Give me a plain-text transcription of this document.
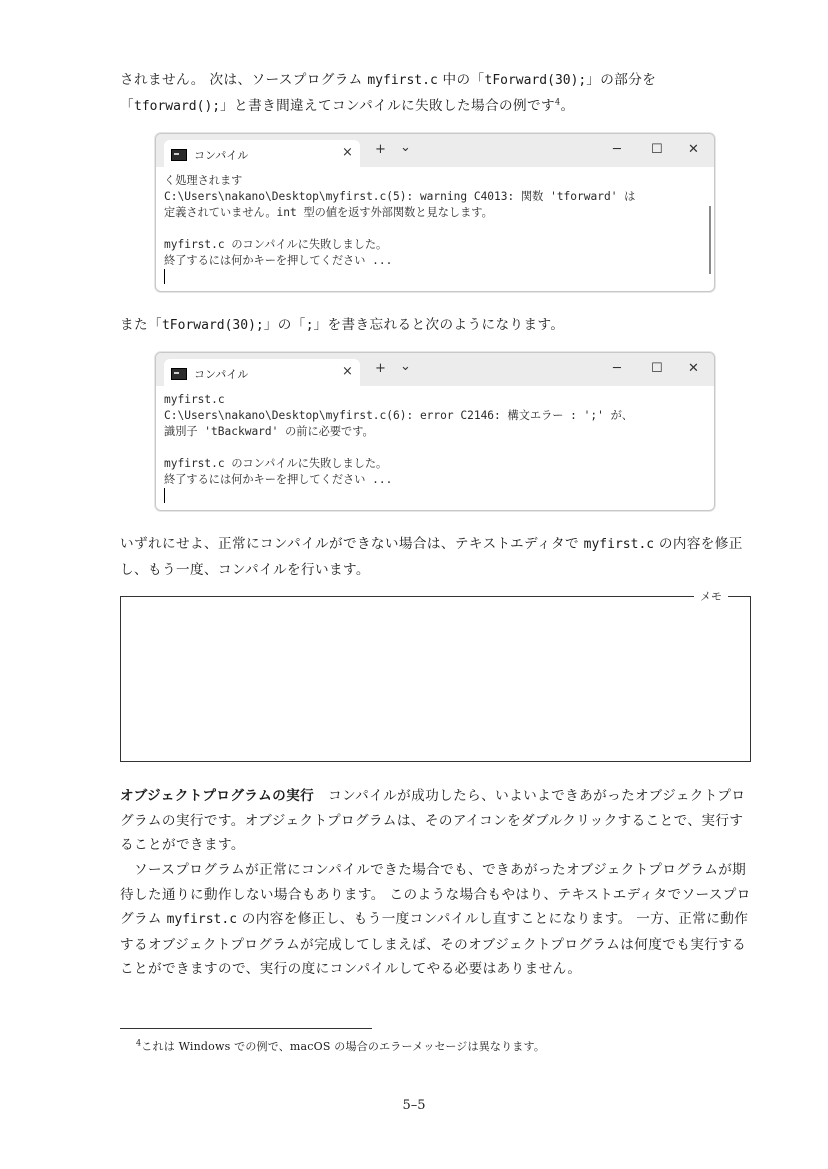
されません。 次は、ソースプログラム myfirst.c 中の「tForward(30);」の部分を「tforward();」と書き間違えてコンパイルに失敗した場合の例です$^4$。

コンパイル	× + ⌄	─ ☐ ✕
く処理されます
C:\Users\nakano\Desktop\myfirst.c(5): warning C4013: 関数 'tforward' は
定義されていません。int 型の値を返す外部関数と見なします。
myfirst.c のコンパイルに失敗しました。
終了するには何かキーを押してください ...

また「tForward(30);」の「;」を書き忘れると次のようになります。

コンパイル	× + ⌄	─ ☐ ✕
myfirst.c
C:\Users\nakano\Desktop\myfirst.c(6): error C2146: 構文エラー : ';' が、
識別子 'tBackward' の前に必要です。
myfirst.c のコンパイルに失敗しました。
終了するには何かキーを押してください ...

いずれにせよ、正常にコンパイルができない場合は、テキストエディタで myfirst.c の内容を修正し、もう一度、コンパイルを行います。

メモ

オブジェクトプログラムの実行　コンパイルが成功したら、いよいよできあがったオブジェクトプログラムの実行です。オブジェクトプログラムは、そのアイコンをダブルクリックすることで、実行することができます。

　ソースプログラムが正常にコンパイルできた場合でも、できあがったオブジェクトプログラムが期待した通りに動作しない場合もあります。 このような場合もやはり、テキストエディタでソースプログラム myfirst.c の内容を修正し、もう一度コンパイルし直すことになります。 一方、正常に動作するオブジェクトプログラムが完成してしまえば、そのオブジェクトプログラムは何度でも実行することができますので、実行の度にコンパイルしてやる必要はありません。

$^4$これは Windows での例で、macOS の場合のエラーメッセージは異なります。
5–5
